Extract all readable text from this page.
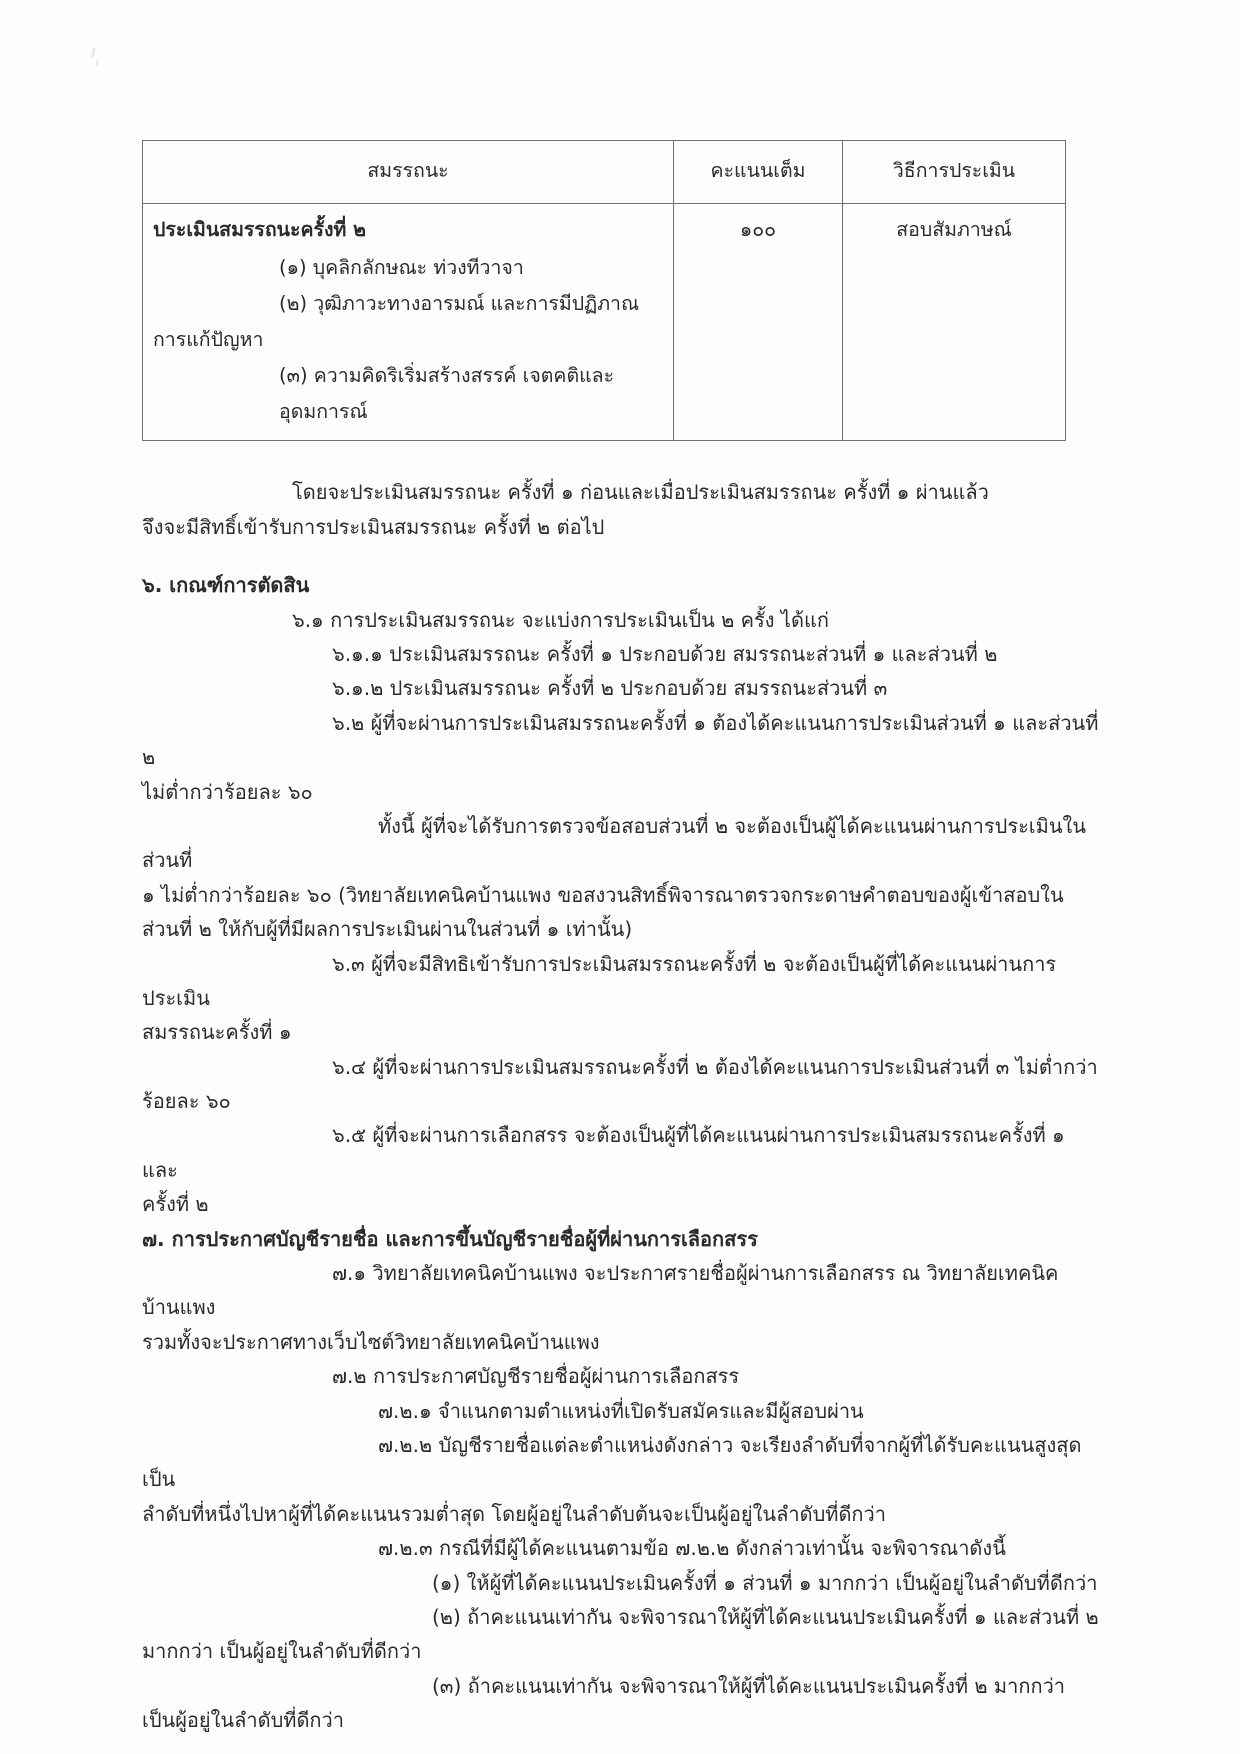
สมรรถนะ	คะแนนเต็ม	วิธีการประเมิน

ประเมินสมรรถนะครั้งที่ ๒
(๑) บุคลิกลักษณะ ท่วงทีวาจา
(๒) วุฒิภาวะทางอารมณ์ และการมีปฏิภาณ
การแก้ปัญหา
(๓) ความคิดริเริ่มสร้างสรรค์ เจตคติและ
อุดมการณ์
	๑๐๐	สอบสัมภาษณ์

โดยจะประเมินสมรรถนะ ครั้งที่ ๑ ก่อนและเมื่อประเมินสมรรถนะ ครั้งที่ ๑ ผ่านแล้ว

จึงจะมีสิทธิ์เข้ารับการประเมินสมรรถนะ ครั้งที่ ๒ ต่อไป

๖. เกณฑ์การตัดสิน

๖.๑ การประเมินสมรรถนะ จะแบ่งการประเมินเป็น ๒ ครั้ง ได้แก่

๖.๑.๑ ประเมินสมรรถนะ ครั้งที่ ๑ ประกอบด้วย สมรรถนะส่วนที่ ๑ และส่วนที่ ๒

๖.๑.๒ ประเมินสมรรถนะ ครั้งที่ ๒ ประกอบด้วย สมรรถนะส่วนที่ ๓

๖.๒ ผู้ที่จะผ่านการประเมินสมรรถนะครั้งที่ ๑ ต้องได้คะแนนการประเมินส่วนที่ ๑ และส่วนที่ ๒

ไม่ต่ำกว่าร้อยละ ๖๐

ทั้งนี้ ผู้ที่จะได้รับการตรวจข้อสอบส่วนที่ ๒ จะต้องเป็นผู้ได้คะแนนผ่านการประเมินในส่วนที่

๑ ไม่ต่ำกว่าร้อยละ ๖๐ (วิทยาลัยเทคนิคบ้านแพง ขอสงวนสิทธิ์พิจารณาตรวจกระดาษคำตอบของผู้เข้าสอบใน

ส่วนที่ ๒ ให้กับผู้ที่มีผลการประเมินผ่านในส่วนที่ ๑ เท่านั้น)

๖.๓ ผู้ที่จะมีสิทธิเข้ารับการประเมินสมรรถนะครั้งที่ ๒ จะต้องเป็นผู้ที่ได้คะแนนผ่านการประเมิน

สมรรถนะครั้งที่ ๑

๖.๔ ผู้ที่จะผ่านการประเมินสมรรถนะครั้งที่ ๒ ต้องได้คะแนนการประเมินส่วนที่ ๓ ไม่ต่ำกว่าร้อยละ ๖๐

๖.๕ ผู้ที่จะผ่านการเลือกสรร จะต้องเป็นผู้ที่ได้คะแนนผ่านการประเมินสมรรถนะครั้งที่ ๑ และ

ครั้งที่ ๒

๗. การประกาศบัญชีรายชื่อ และการขึ้นบัญชีรายชื่อผู้ที่ผ่านการเลือกสรร

๗.๑ วิทยาลัยเทคนิคบ้านแพง จะประกาศรายชื่อผู้ผ่านการเลือกสรร ณ วิทยาลัยเทคนิคบ้านแพง

รวมทั้งจะประกาศทางเว็บไซต์วิทยาลัยเทคนิคบ้านแพง

๗.๒ การประกาศบัญชีรายชื่อผู้ผ่านการเลือกสรร

๗.๒.๑ จำแนกตามตำแหน่งที่เปิดรับสมัครและมีผู้สอบผ่าน

๗.๒.๒ บัญชีรายชื่อแต่ละตำแหน่งดังกล่าว จะเรียงลำดับที่จากผู้ที่ได้รับคะแนนสูงสุดเป็น

ลำดับที่หนึ่งไปหาผู้ที่ได้คะแนนรวมต่ำสุด โดยผู้อยู่ในลำดับต้นจะเป็นผู้อยู่ในลำดับที่ดีกว่า

๗.๒.๓ กรณีที่มีผู้ได้คะแนนตามข้อ ๗.๒.๒ ดังกล่าวเท่านั้น จะพิจารณาดังนี้

(๑) ให้ผู้ที่ได้คะแนนประเมินครั้งที่ ๑ ส่วนที่ ๑ มากกว่า เป็นผู้อยู่ในลำดับที่ดีกว่า

(๒) ถ้าคะแนนเท่ากัน จะพิจารณาให้ผู้ที่ได้คะแนนประเมินครั้งที่ ๑ และส่วนที่ ๒

มากกว่า เป็นผู้อยู่ในลำดับที่ดีกว่า

(๓) ถ้าคะแนนเท่ากัน จะพิจารณาให้ผู้ที่ได้คะแนนประเมินครั้งที่ ๒ มากกว่า

เป็นผู้อยู่ในลำดับที่ดีกว่า
